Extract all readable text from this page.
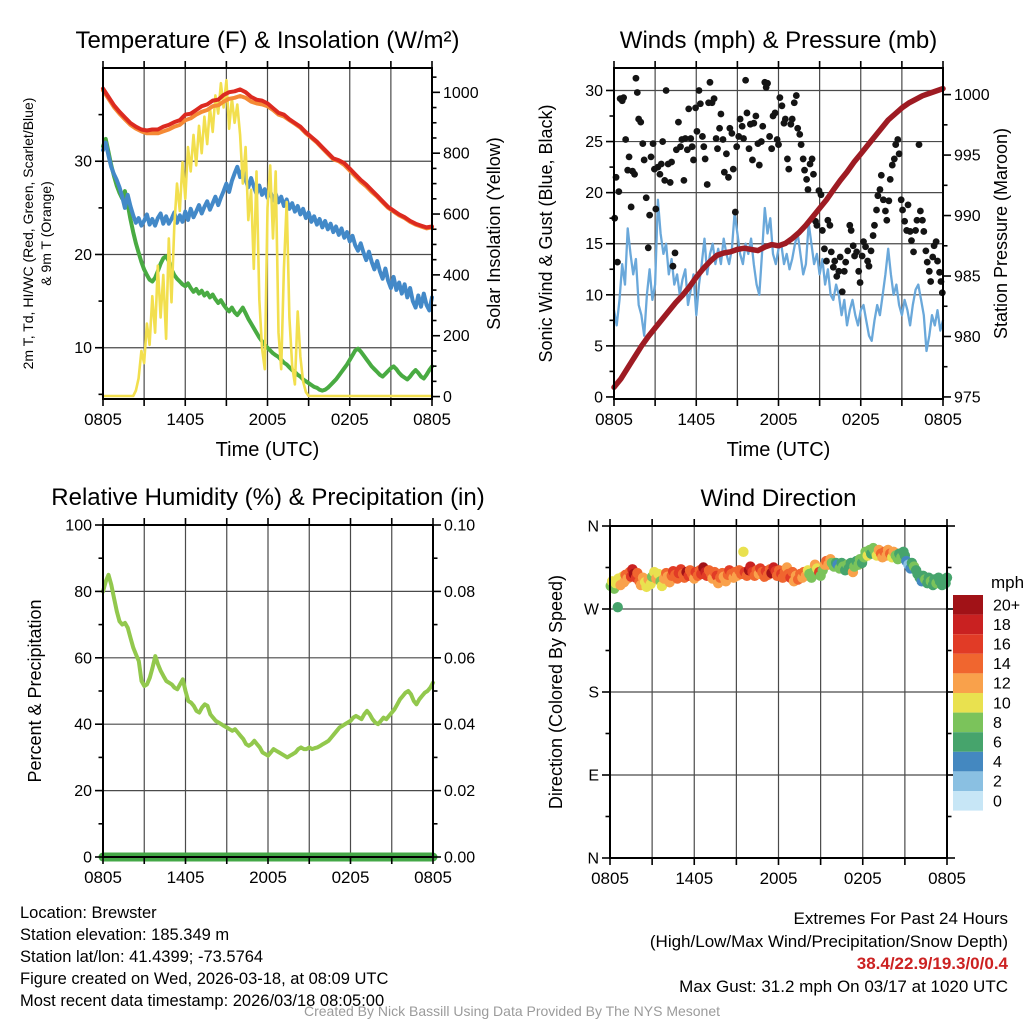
0805	1405	2005	0205	0805
Time (UTC)
10
20
30
0
200
400
600
800
1000
2m T, Td, HI/WC (Red, Green, Scarlet/Blue) & 9m T (Orange)	Solar Insolation (Yellow)
Temperature (F) & Insolation (W/m²)
0805	1405	2005	0205	0805
Time (UTC)
0
5
10
15
20
25
30
975
980
985
990
995
1000
Sonic Wind & Gust (Blue, Black)	Station Pressure (Maroon)
Winds (mph) & Pressure (mb)
0805	1405	2005	0205	0805
0
20
40
60
80
100
0.00
0.02
0.04
0.06
0.08
0.10
Percent & Precipitation
Relative Humidity (%) & Precipitation (in)
0805	1405	2005	0205	0805
N
W
S
E
N
Direction (Colored By Speed)
Wind Direction
mph
20+
18
16
14
12
10
8
6
4
2
0
Location: Brewster
Station elevation: 185.349 m
Station lat/lon: 41.4399; -73.5764
Figure created on Wed, 2026-03-18, at 08:09 UTC
Most recent data timestamp: 2026/03/18 08:05:00
Extremes For Past 24 Hours
(High/Low/Max Wind/Precipitation/Snow Depth)
38.4/22.9/19.3/0/0.4
Max Gust: 31.2 mph On 03/17 at 1020 UTC
Created By Nick Bassill Using Data Provided By The NYS Mesonet
